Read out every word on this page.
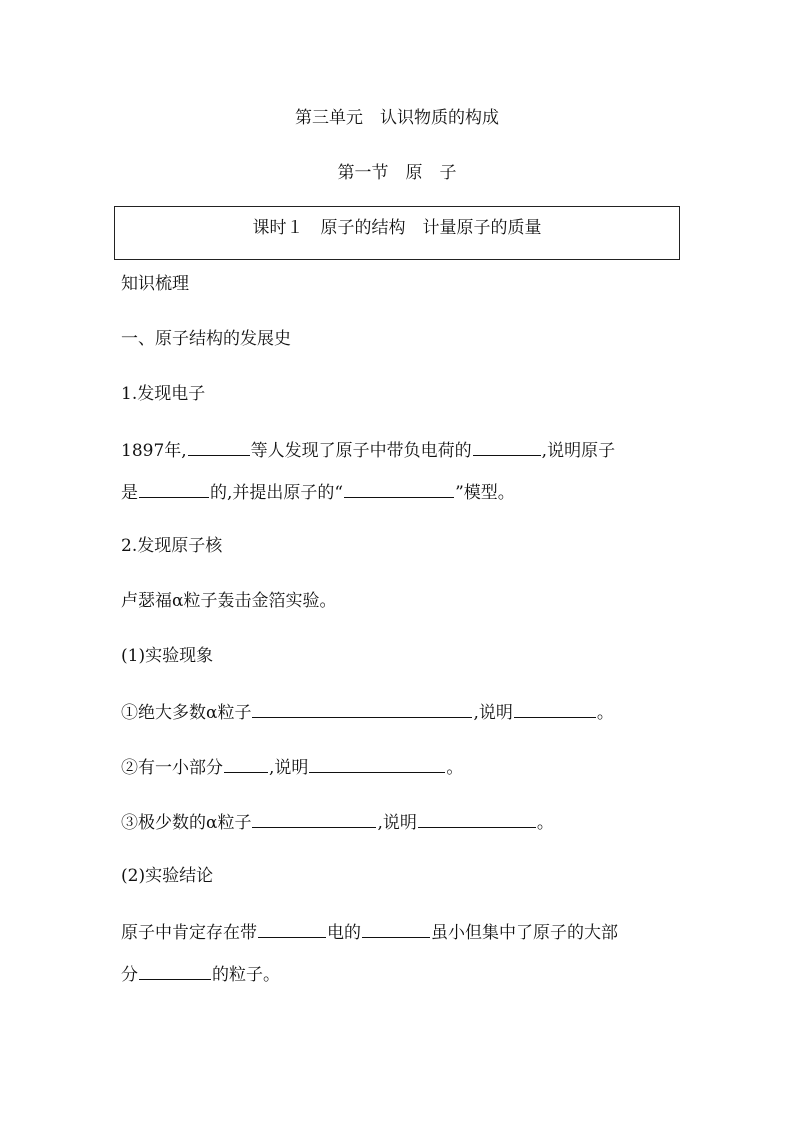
第三单元　认识物质的构成
第一节　原　子
课时１　原子的结构　计量原子的质量
知识梳理
一、原子结构的发展史
1.发现电子
1897年,	等人发现了原子中带负电荷的	,说明原子
是	的,并提出原子的“	”模型。
2.发现原子核
卢瑟福α粒子轰击金箔实验。
(1)实验现象
①绝大多数α粒子	,说明	。
②有一小部分	,说明	。
③极少数的α粒子	,说明	。
(2)实验结论
原子中肯定存在带	电的	虽小但集中了原子的大部
分	的粒子。
